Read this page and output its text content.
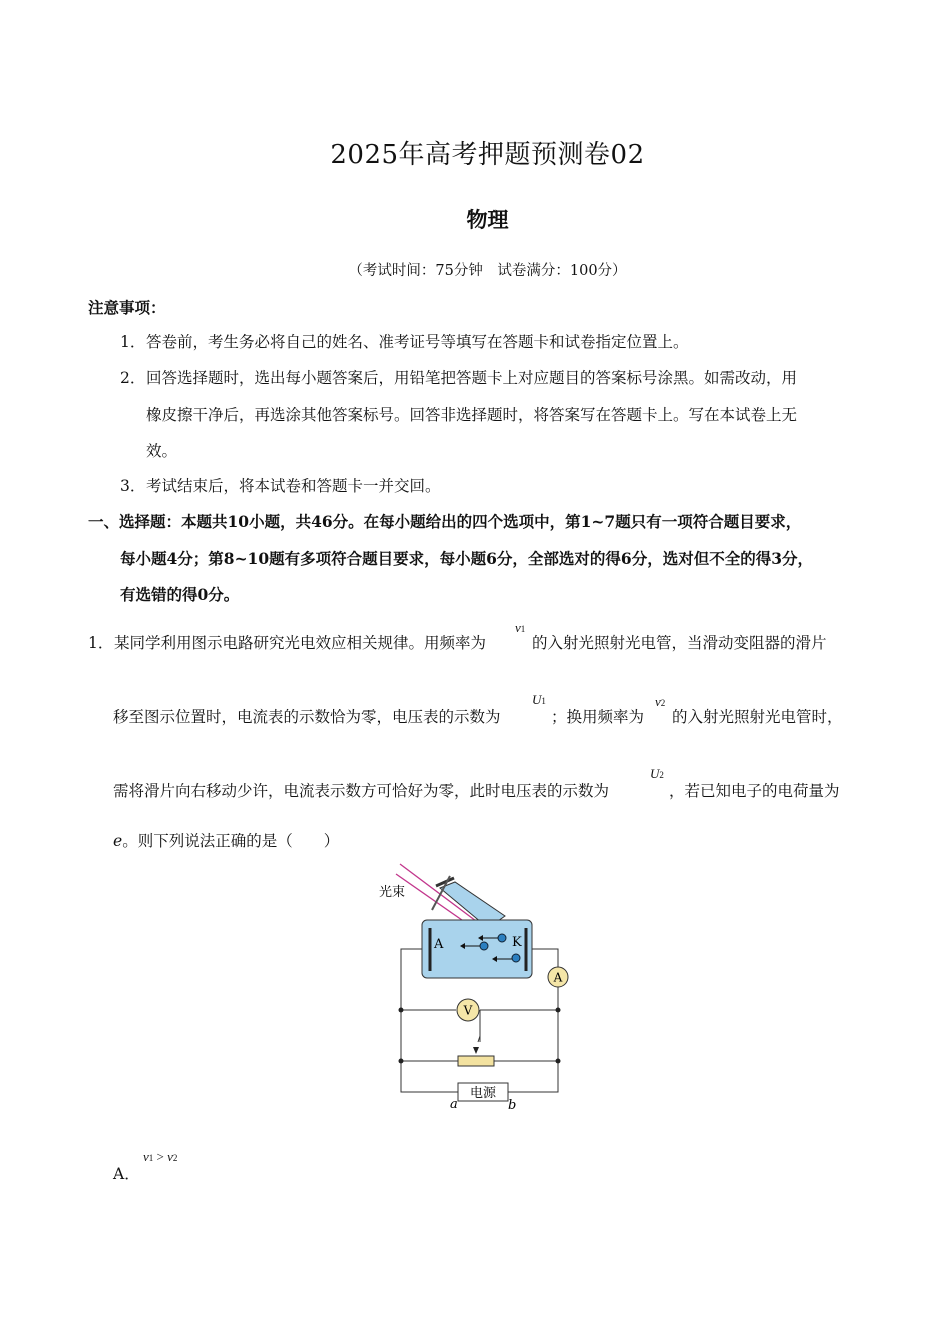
2025年高考押题预测卷02
物理
（考试时间：75分钟　试卷满分：100分）
注意事项：
1．答卷前，考生务必将自己的姓名、准考证号等填写在答题卡和试卷指定位置上。
2．回答选择题时，选出每小题答案后，用铅笔把答题卡上对应题目的答案标号涂黑。如需改动，用
橡皮擦干净后，再选涂其他答案标号。回答非选择题时，将答案写在答题卡上。写在本试卷上无
效。
3．考试结束后，将本试卷和答题卡一并交回。
一、选择题：本题共10小题，共46分。在每小题给出的四个选项中，第1~7题只有一项符合题目要求，
每小题4分；第8~10题有多项符合题目要求，每小题6分，全部选对的得6分，选对但不全的得3分，
有选错的得0分。
1．某同学利用图示电路研究光电效应相关规律。用频率为
ν1
的入射光照射光电管，当滑动变阻器的滑片
移至图示位置时，电流表的示数恰为零，电压表的示数为
U1
；换用频率为
ν2
的入射光照射光电管时，
需将滑片向右移动少许，电流表示数方可恰好为零，此时电压表的示数为
U2
，若已知电子的电荷量为
e。则下列说法正确的是（　　）
光束
A	K
A
V
电源
a	b
A．
ν1 > ν2
